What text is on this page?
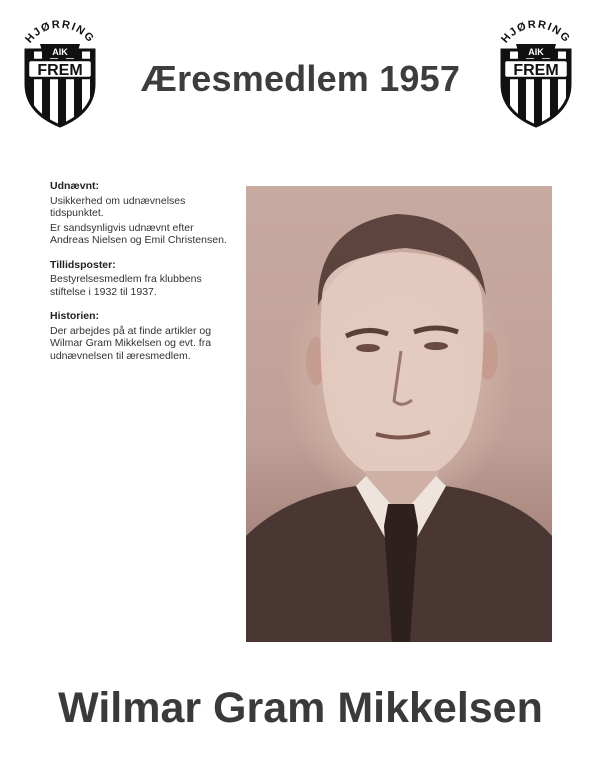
HJØRRING
AIK
FREM
HJØRRING
AIK
FREM
Æresmedlem 1957
Udnævnt:
Usikkerhed om udnævnelses tidspunktet.
Er sandsynligvis udnævnt efter Andreas Nielsen og Emil Christensen.
Tillidsposter:
Bestyrelsesmedlem fra klubbens stiftelse i 1932 til 1937.
Historien:
Der arbejdes på at finde artikler og Wilmar Gram Mikkelsen og evt. fra udnævnelsen til æresmedlem.
Wilmar Gram Mikkelsen
